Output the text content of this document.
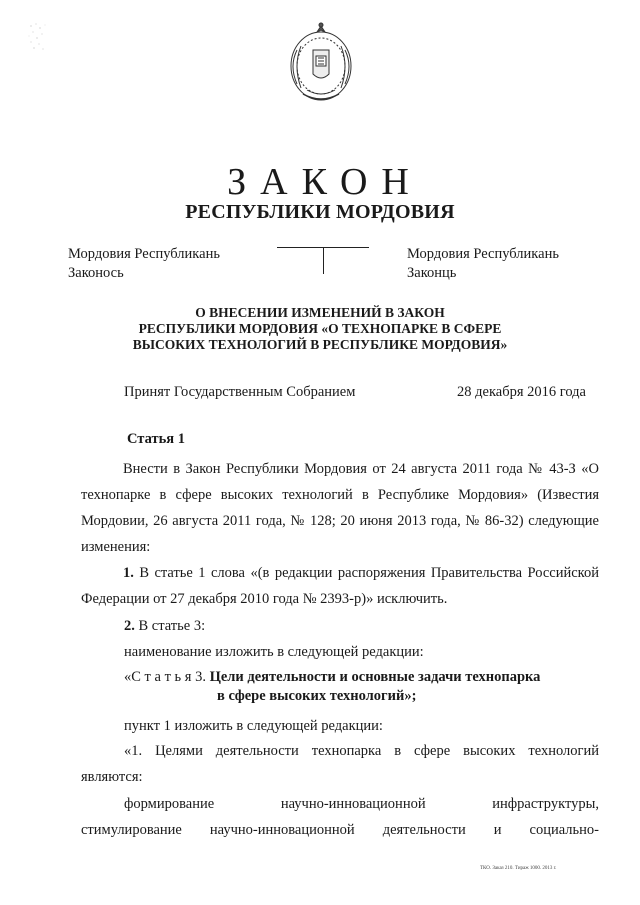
ЗАКОН
РЕСПУБЛИКИ МОРДОВИЯ
Мордовия Республикань
Законось
Мордовия Республикань
Законць
О ВНЕСЕНИИ ИЗМЕНЕНИЙ В ЗАКОН
РЕСПУБЛИКИ МОРДОВИЯ «О ТЕХНОПАРКЕ В СФЕРЕ
ВЫСОКИХ ТЕХНОЛОГИЙ В РЕСПУБЛИКЕ МОРДОВИЯ»
Принят Государственным Собранием	28 декабря 2016 года
Статья 1
Внести в Закон Республики Мордовия от 24 августа 2011 года № 43-З «О технопарке в сфере высоких технологий в Республике Мордовия» (Известия Мордовии, 26 августа 2011 года, № 128; 20 июня 2013 года, № 86-32) следующие изменения:
1. В статье 1 слова «(в редакции распоряжения Правительства Российской Федерации от 27 декабря 2010 года № 2393-р)» исключить.
2. В статье 3:
наименование изложить в следующей редакции:
«С т а т ь я 3. Цели деятельности и основные задачи технопарка
в сфере высоких технологий»;
пункт 1 изложить в следующей редакции:
«1. Целями деятельности технопарка в сфере высоких технологий
являются:
формирование научно-инновационной инфраструктуры,
стимулирование научно-инновационной деятельности и социально-
ТКО. Заказ 210. Тираж 1000. 2013 г.
